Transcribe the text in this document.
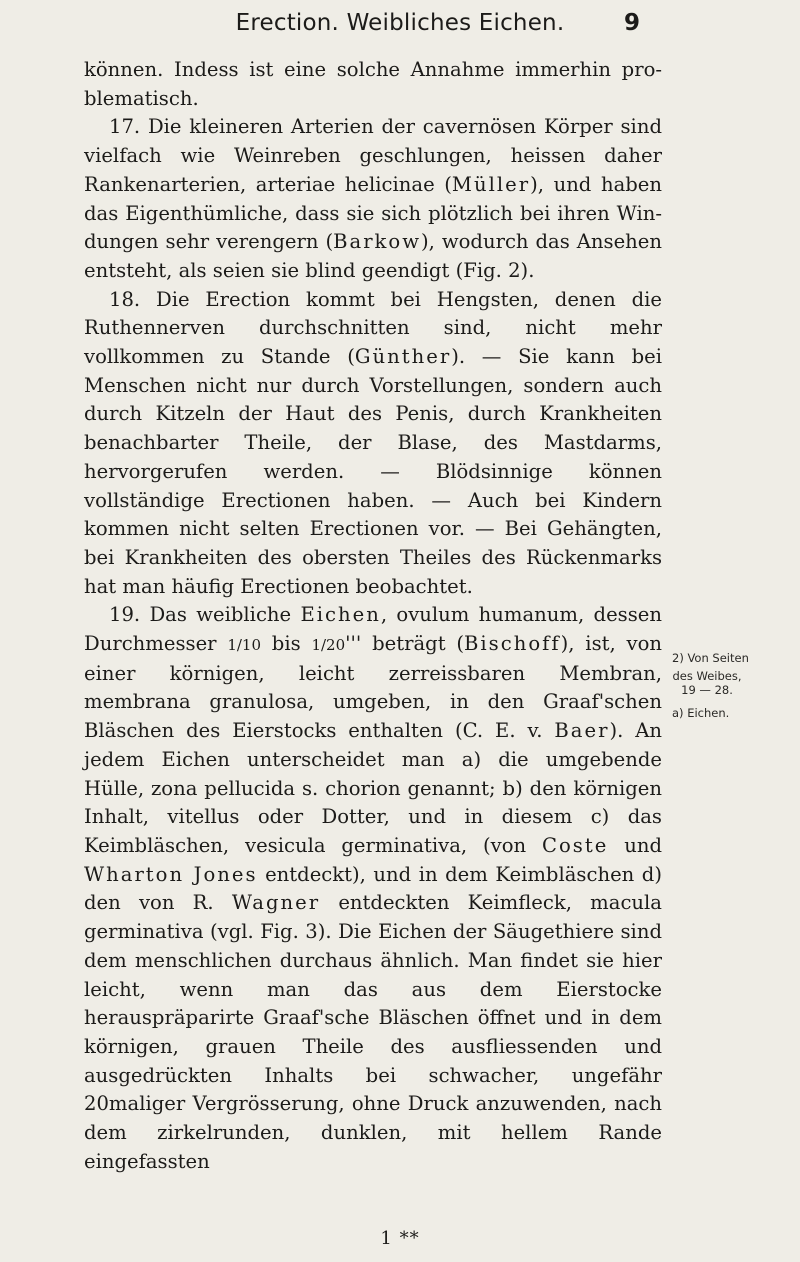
Erection. Weibliches Eichen.	9

können. Indess ist eine solche Annahme immerhin problematisch.

17. Die kleineren Arterien der cavernösen Körper sind vielfach wie Weinreben geschlungen, heissen daher Rankenarterien, arteriae helicinae (Müller), und haben das Eigenthümliche, dass sie sich plötzlich bei ihren Windungen sehr verengern (Barkow), wodurch das Ansehen entsteht, als seien sie blind geendigt (Fig. 2).

18. Die Erection kommt bei Hengsten, denen die Ruthennerven durchschnitten sind, nicht mehr vollkommen zu Stande (Günther). — Sie kann bei Menschen nicht nur durch Vorstellungen, sondern auch durch Kitzeln der Haut des Penis, durch Krankheiten benachbarter Theile, der Blase, des Mastdarms, hervorgerufen werden. — Blödsinnige können vollständige Erectionen haben. — Auch bei Kindern kommen nicht selten Erectionen vor. — Bei Gehängten, bei Krankheiten des obersten Theiles des Rückenmarks hat man häufig Erectionen beobachtet.

19. Das weibliche Eichen, ovulum humanum, dessen Durchmesser 1/10 bis 1/20''' beträgt (Bischoff), ist, von einer körnigen, leicht zerreissbaren Membran, membrana granulosa, umgeben, in den Graaf'schen Bläschen des Eierstocks enthalten (C. E. v. Baer). An jedem Eichen unterscheidet man a) die umgebende Hülle, zona pellucida s. chorion genannt; b) den körnigen Inhalt, vitellus oder Dotter, und in diesem c) das Keimbläschen, vesicula germinativa, (von Coste und Wharton Jones entdeckt), und in dem Keimbläschen d) den von R. Wagner entdeckten Keimfleck, macula germinativa (vgl. Fig. 3). Die Eichen der Säugethiere sind dem menschlichen durchaus ähnlich. Man findet sie hier leicht, wenn man das aus dem Eierstocke herauspräparirte Graaf'sche Bläschen öffnet und in dem körnigen, grauen Theile des ausfliessenden und ausgedrückten Inhalts bei schwacher, ungefähr 20maliger Vergrösserung, ohne Druck anzuwenden, nach dem zirkelrunden, dunklen, mit hellem Rande eingefassten

2) Von Seiten
des Weibes,
19 — 28.
a) Eichen.
1 **
